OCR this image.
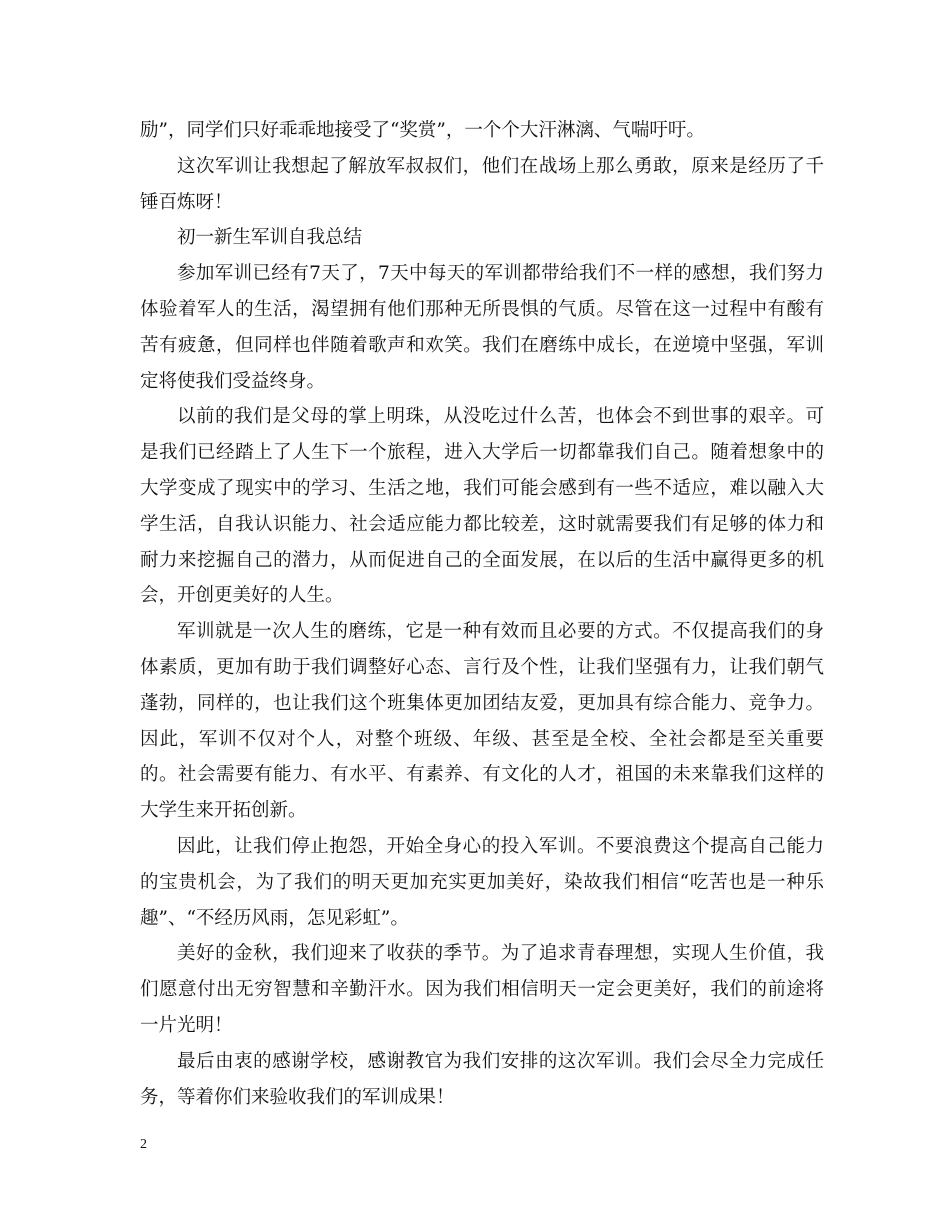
励”，同学们只好乖乖地接受了“奖赏”，一个个大汗淋漓、气喘吁吁。

这次军训让我想起了解放军叔叔们，他们在战场上那么勇敢，原来是经历了千锤百炼呀！

初一新生军训自我总结

参加军训已经有7天了，7天中每天的军训都带给我们不一样的感想，我们努力体验着军人的生活，渴望拥有他们那种无所畏惧的气质。尽管在这一过程中有酸有苦有疲惫，但同样也伴随着歌声和欢笑。我们在磨练中成长，在逆境中坚强，军训定将使我们受益终身。

以前的我们是父母的掌上明珠，从没吃过什么苦，也体会不到世事的艰辛。可是我们已经踏上了人生下一个旅程，进入大学后一切都靠我们自己。随着想象中的大学变成了现实中的学习、生活之地，我们可能会感到有一些不适应，难以融入大学生活，自我认识能力、社会适应能力都比较差，这时就需要我们有足够的体力和耐力来挖掘自己的潜力，从而促进自己的全面发展，在以后的生活中赢得更多的机会，开创更美好的人生。

军训就是一次人生的磨练，它是一种有效而且必要的方式。不仅提高我们的身体素质，更加有助于我们调整好心态、言行及个性，让我们坚强有力，让我们朝气蓬勃，同样的，也让我们这个班集体更加团结友爱，更加具有综合能力、竞争力。因此，军训不仅对个人，对整个班级、年级、甚至是全校、全社会都是至关重要的。社会需要有能力、有水平、有素养、有文化的人才，祖国的未来靠我们这样的大学生来开拓创新。

因此，让我们停止抱怨，开始全身心的投入军训。不要浪费这个提高自己能力的宝贵机会，为了我们的明天更加充实更加美好，染故我们相信“吃苦也是一种乐趣”、“不经历风雨，怎见彩虹”。

美好的金秋，我们迎来了收获的季节。为了追求青春理想，实现人生价值，我们愿意付出无穷智慧和辛勤汗水。因为我们相信明天一定会更美好，我们的前途将一片光明！

最后由衷的感谢学校，感谢教官为我们安排的这次军训。我们会尽全力完成任务，等着你们来验收我们的军训成果！

2
